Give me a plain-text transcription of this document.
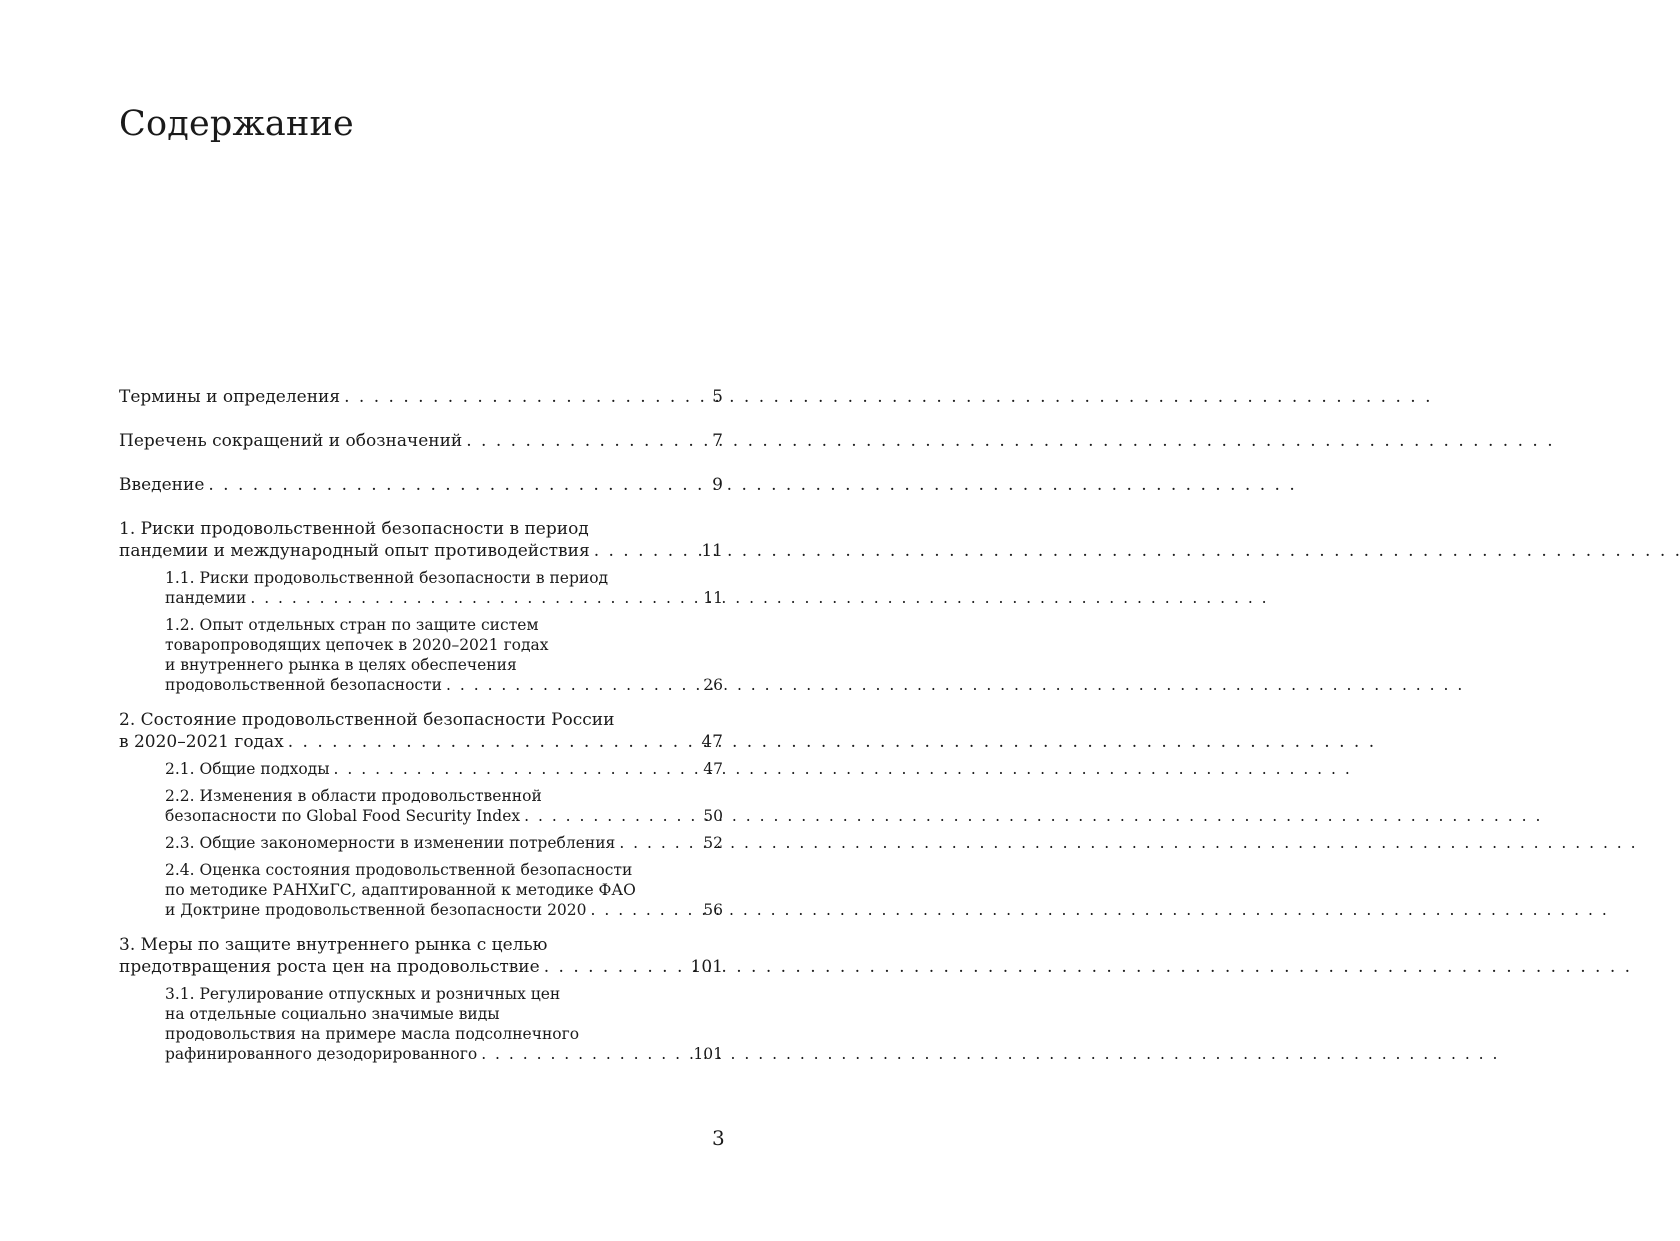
Содержание
Термины и определения . . .	5
Перечень сокращений и обозначений . . .	7
Введение . . .	9
1. Риски продовольственной безопасности в период
пандемии и международный опыт противодействия . . .	11
1.1. Риски продовольственной безопасности в период
пандемии . . .	11
1.2. Опыт отдельных стран по защите систем
товаропроводящих цепочек в 2020–2021 годах
и внутреннего рынка в целях обеспечения
продовольственной безопасности . . .	26
2. Состояние продовольственной безопасности России
в 2020–2021 годах . . .	47
2.1. Общие подходы . . .	47
2.2. Изменения в области продовольственной
безопасности по Global Food Security Index . . .	50
2.3. Общие закономерности в изменении потребления . . .	52
2.4. Оценка состояния продовольственной безопасности
по методике РАНХиГС, адаптированной к методике ФАО
и Доктрине продовольственной безопасности 2020 . . .	56
3. Меры по защите внутреннего рынка с целью
предотвращения роста цен на продовольствие . . .	101
3.1. Регулирование отпускных и розничных цен
на отдельные социально значимые виды
продовольствия на примере масла подсолнечного
рафинированного дезодорированного . . .	101
3
